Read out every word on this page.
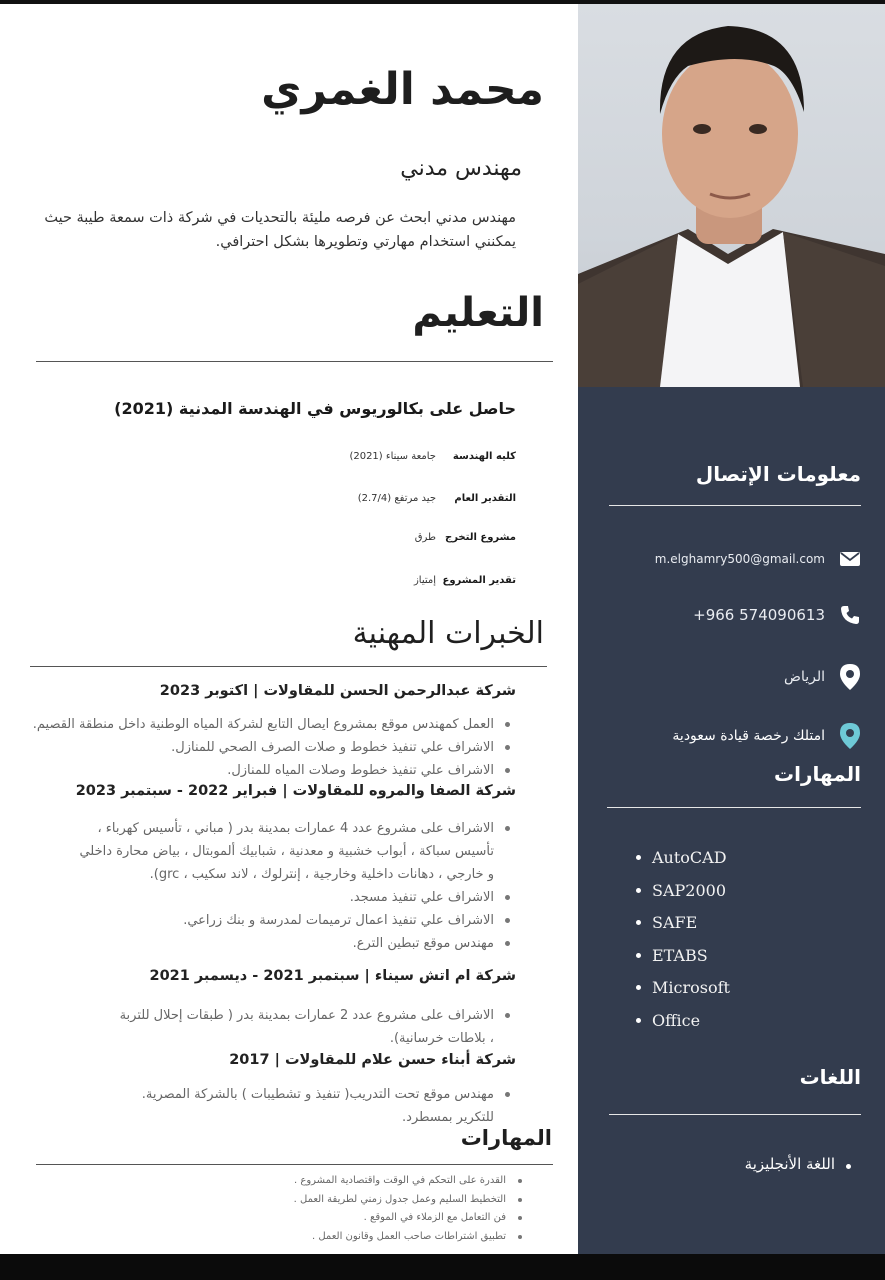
محمد الغمري
مهندس مدني
مهندس مدني ابحث عن فرصه مليئة بالتحديات في شركة ذات سمعة طيبة حيث يمكنني استخدام مهارتي وتطويرها بشكل احترافي.
التعليم
حاصل على بكالوريوس في الهندسة المدنية (2021)
كليه الهندسة
جامعة سيناء (2021)
التقدير العام
جيد مرتفع (2.7/4)
مشروع التخرج
طرق
تقدير المشروع
إمتياز
الخبرات المهنية
شركة عبدالرحمن الحسن للمقاولات | اكتوبر 2023
العمل كمهندس موقع بمشروع ايصال التابع لشركة المياه الوطنية داخل منطقة القصيم.
الاشراف علي تنفيذ خطوط و صلات الصرف الصحي للمنازل.
الاشراف علي تنفيذ خطوط وصلات المياه للمنازل.
شركة الصفا والمروه للمقاولات | فبراير 2022 - سبتمبر 2023
الاشراف على مشروع عدد 4 عمارات بمدينة بدر ( مباني ، تأسيس كهرباء ، تأسيس سباكة ، أبواب خشبية و معدنية ، شبابيك ألموبتال ، بياض محارة داخلي و خارجي ، دهانات داخلية وخارجية ، إنترلوك ، لاند سكيب ، grc).
الاشراف علي تنفيذ مسجد.
الاشراف علي تنفيذ اعمال ترميمات لمدرسة و بنك زراعي.
مهندس موقع تبطين الترع.
شركة ام اتش سيناء | سبتمبر 2021 - ديسمبر 2021
الاشراف على مشروع عدد 2 عمارات بمدينة بدر ( طبقات إحلال للتربة ، بلاطات خرسانية).
شركة أبناء حسن علام للمقاولات | 2017
مهندس موقع تحت التدريب( تنفيذ و تشطيبات ) بالشركة المصرية. للتكرير بمسطرد.
المهارات
القدرة على التحكم في الوقت واقتصادية المشروع .
التخطيط السليم وعمل جدول زمني لطريقة العمل .
فن التعامل مع الزملاء في الموقع .
تطبيق اشتراطات صاحب العمل وقانون العمل .
معلومات الإتصال
m.elghamry500@gmail.com
+966 574090613
الرياض
امتلك رخصة قيادة سعودية
المهارات
AutoCAD
SAP2000
SAFE
ETABS
Microsoft
Office
اللغات
اللغة الأنجليزية
